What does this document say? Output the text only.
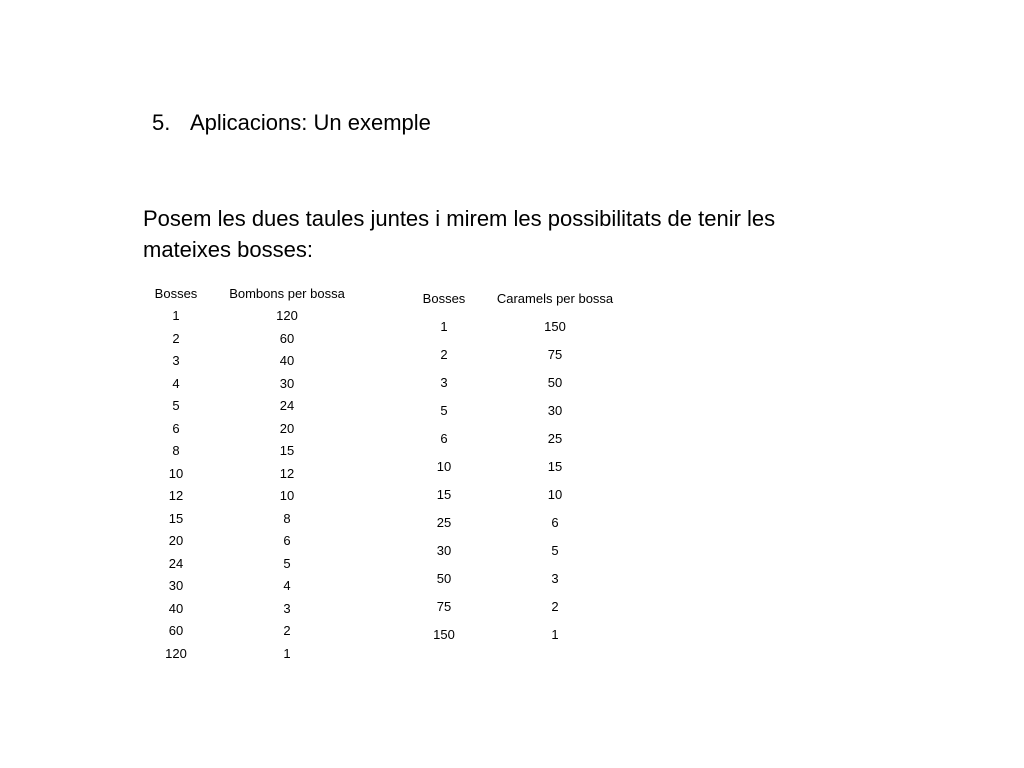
5. Aplicacions: Un exemple
Posem les dues taules juntes i mirem les possibilitats de tenir les mateixes bosses:
Bosses	Bombons per bossa
1	120
2	60
3	40
4	30
5	24
6	20
8	15
10	12
12	10
15	8
20	6
24	5
30	4
40	3
60	2
120	1
Bosses	Caramels per bossa
1	150
2	75
3	50
5	30
6	25
10	15
15	10
25	6
30	5
50	3
75	2
150	1
